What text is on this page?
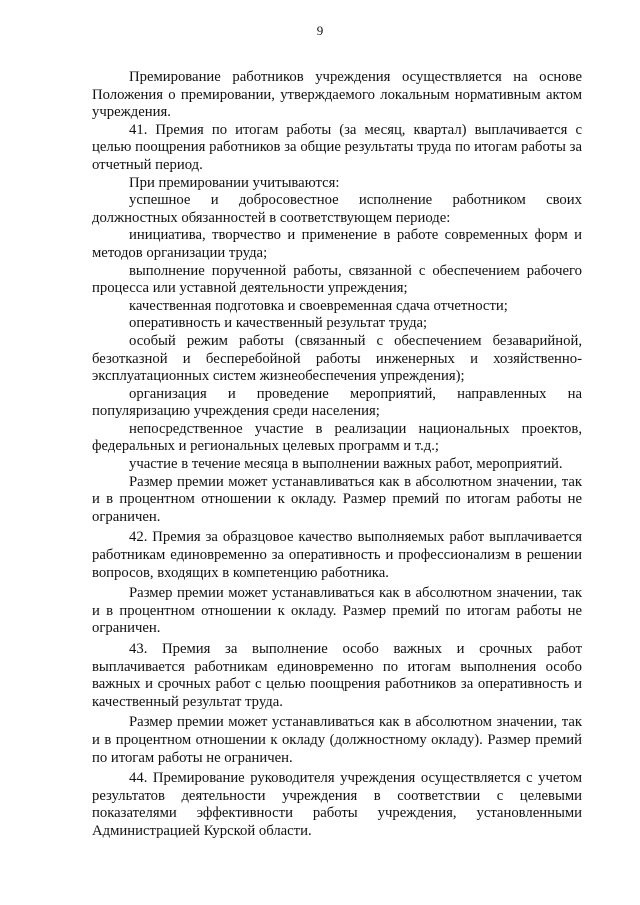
9

Премирование работников учреждения осуществляется на основе Положения о премировании, утверждаемого локальным нормативным актом учреждения.

41. Премия по итогам работы (за месяц, квартал) выплачивается с целью поощрения работников за общие результаты труда по итогам работы за отчетный период.

При премировании учитываются:

успешное и добросовестное исполнение работником своих должностных обязанностей в соответствующем периоде:

инициатива, творчество и применение в работе современных форм и методов организации труда;

выполнение порученной работы, связанной с обеспечением рабочего процесса или уставной деятельности упреждения;

качественная подготовка и своевременная сдача отчетности;

оперативность и качественный результат труда;

особый режим работы (связанный с обеспечением безаварийной, безотказной и бесперебойной работы инженерных и хозяйственно-эксплуатационных систем жизнеобеспечения упреждения);

организация и проведение мероприятий, направленных на популяризацию учреждения среди населения;

непосредственное участие в реализации национальных проектов, федеральных и региональных целевых программ и т.д.;

участие в течение месяца в выполнении важных работ, мероприятий.

Размер премии может устанавливаться как в абсолютном значении, так и в процентном отношении к окладу. Размер премий по итогам работы не ограничен.

42. Премия за образцовое качество выполняемых работ выплачивается работникам единовременно за оперативность и профессионализм в решении вопросов, входящих в компетенцию работника.

Размер премии может устанавливаться как в абсолютном значении, так и в процентном отношении к окладу. Размер премий по итогам работы не ограничен.

43. Премия за выполнение особо важных и срочных работ выплачивается работникам единовременно по итогам выполнения особо важных и срочных работ с целью поощрения работников за оперативность и качественный результат труда.

Размер премии может устанавливаться как в абсолютном значении, так и в процентном отношении к окладу (должностному окладу). Размер премий по итогам работы не ограничен.

44. Премирование руководителя учреждения осуществляется с учетом результатов деятельности учреждения в соответствии с целевыми показателями эффективности работы учреждения, установленными Администрацией Курской области.
